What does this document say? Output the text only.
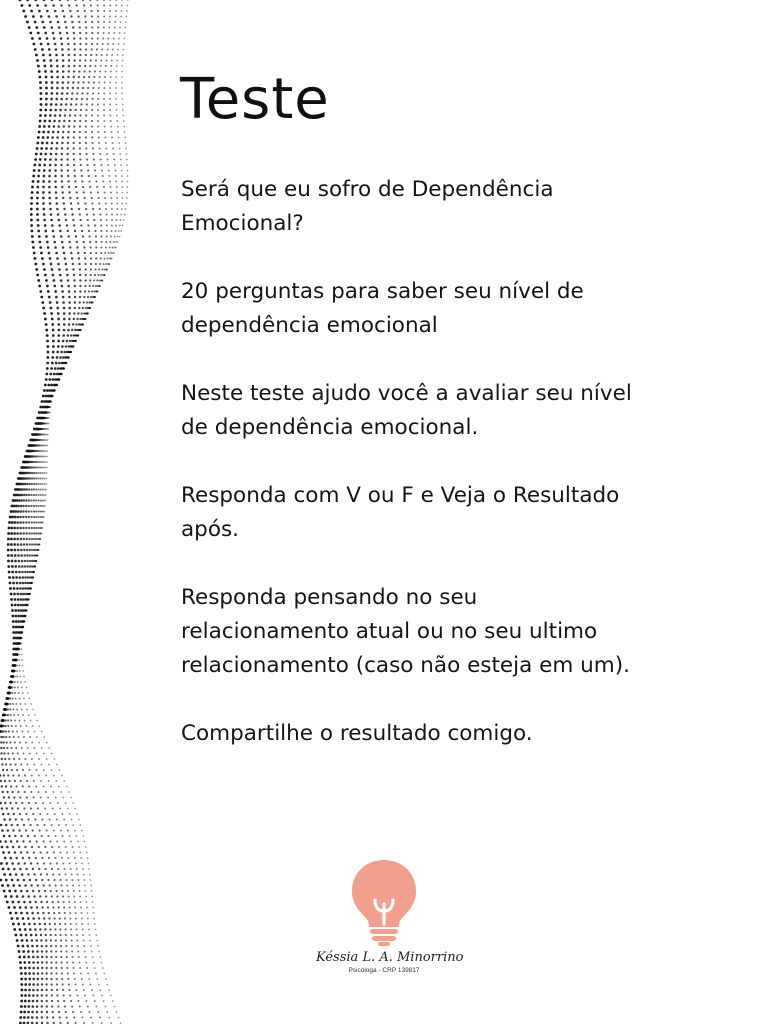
Teste

Será que eu sofro de Dependência Emocional?

20 perguntas para saber seu nível de dependência emocional

Neste teste ajudo você a avaliar seu nível de dependência emocional.

Responda com V ou F e Veja o Resultado após.

Responda pensando no seu relacionamento atual ou no seu ultimo relacionamento (caso não esteja em um).

Compartilhe o resultado comigo.

Késsia L. A. Minorrino
Psicóloga - CRP 139817
